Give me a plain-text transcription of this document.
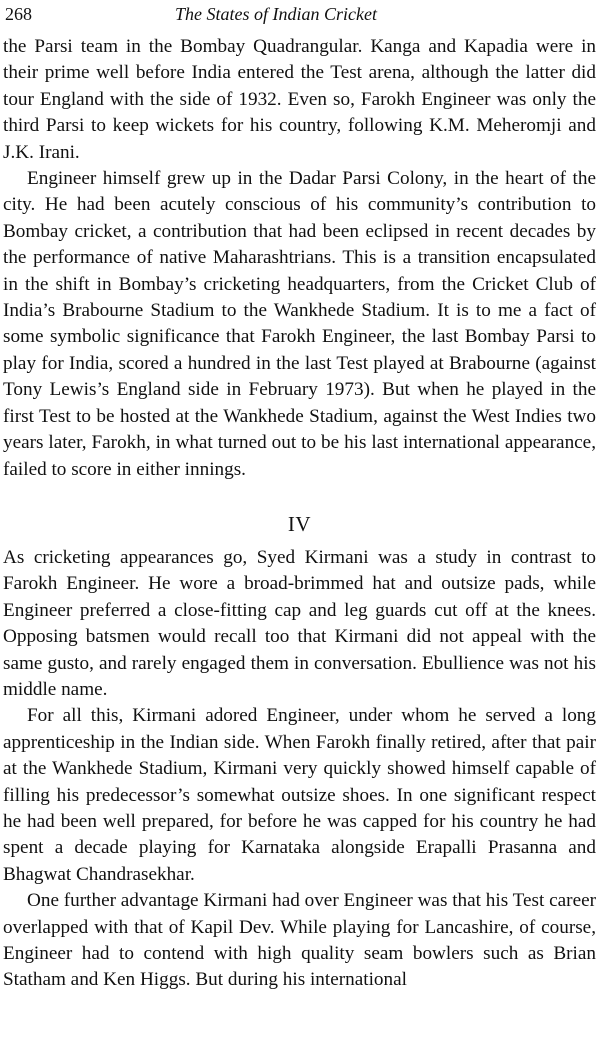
268	The States of Indian Cricket

the Parsi team in the Bombay Quadrangular. Kanga and Kapadia were in their prime well before India entered the Test arena, although the latter did tour England with the side of 1932. Even so, Farokh Engineer was only the third Parsi to keep wickets for his country, following K.M. Meheromji and J.K. Irani.

Engineer himself grew up in the Dadar Parsi Colony, in the heart of the city. He had been acutely conscious of his community’s contribution to Bombay cricket, a contribution that had been eclipsed in recent decades by the performance of native Maharashtrians. This is a transition encapsulated in the shift in Bombay’s cricketing headquarters, from the Cricket Club of India’s Brabourne Stadium to the Wankhede Stadium. It is to me a fact of some symbolic significance that Farokh Engineer, the last Bombay Parsi to play for India, scored a hundred in the last Test played at Brabourne (against Tony Lewis’s England side in February 1973). But when he played in the first Test to be hosted at the Wankhede Stadium, against the West Indies two years later, Farokh, in what turned out to be his last international appearance, failed to score in either innings.

IV

As cricketing appearances go, Syed Kirmani was a study in contrast to Farokh Engineer. He wore a broad-brimmed hat and outsize pads, while Engineer preferred a close-fitting cap and leg guards cut off at the knees. Opposing batsmen would recall too that Kirmani did not appeal with the same gusto, and rarely engaged them in conversation. Ebullience was not his middle name.

For all this, Kirmani adored Engineer, under whom he served a long apprenticeship in the Indian side. When Farokh finally retired, after that pair at the Wankhede Stadium, Kirmani very quickly showed himself capable of filling his predecessor’s somewhat outsize shoes. In one significant respect he had been well prepared, for before he was capped for his country he had spent a decade playing for Karnataka alongside Erapalli Prasanna and Bhagwat Chandrasekhar.

One further advantage Kirmani had over Engineer was that his Test career overlapped with that of Kapil Dev. While playing for Lancashire, of course, Engineer had to contend with high quality seam bowlers such as Brian Statham and Ken Higgs. But during his international
